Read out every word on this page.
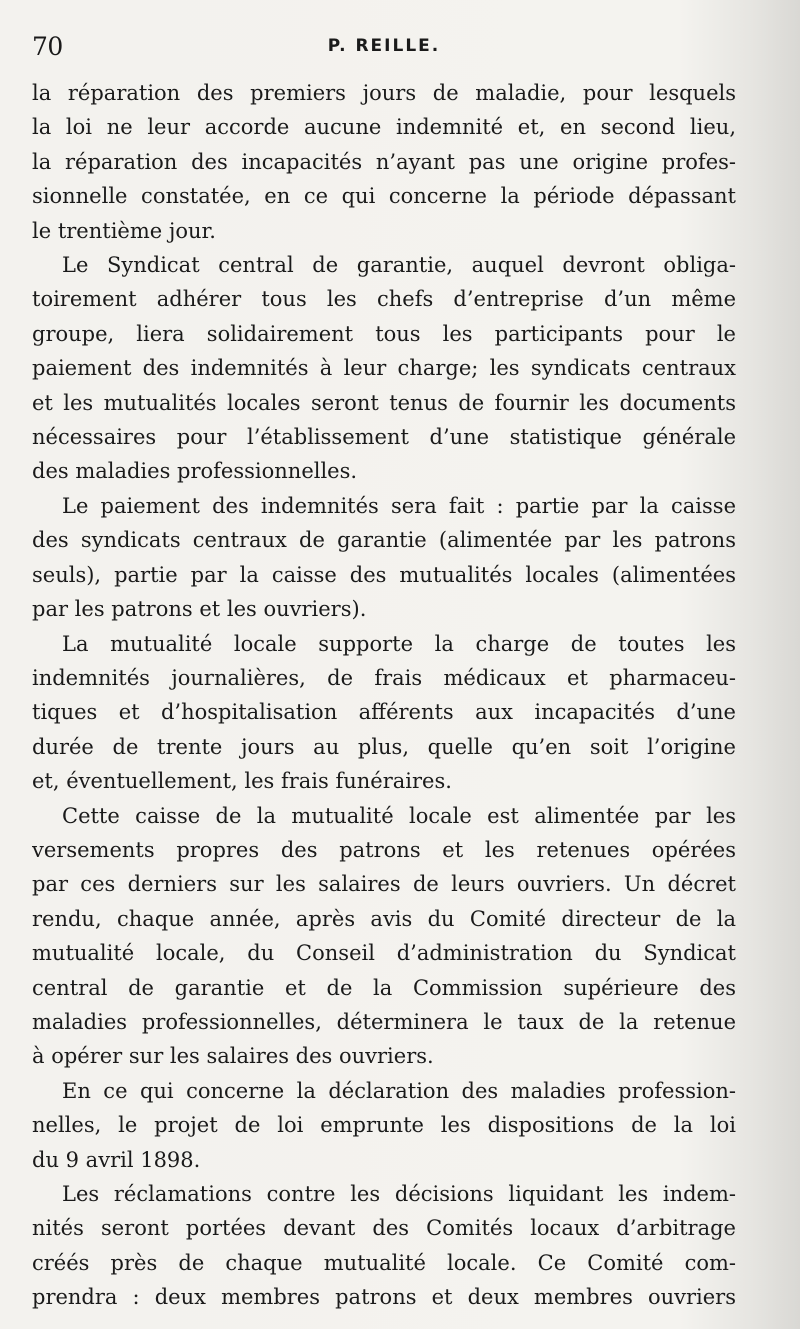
70	P. REILLE.
la réparation des premiers jours de maladie, pour lesquels
la loi ne leur accorde aucune indemnité et, en second lieu,
la réparation des incapacités n’ayant pas une origine profes-
sionnelle constatée, en ce qui concerne la période dépassant
le trentième jour.
Le Syndicat central de garantie, auquel devront obliga-
toirement adhérer tous les chefs d’entreprise d’un même
groupe, liera solidairement tous les participants pour le
paiement des indemnités à leur charge; les syndicats centraux
et les mutualités locales seront tenus de fournir les documents
nécessaires pour l’établissement d’une statistique générale
des maladies professionnelles.
Le paiement des indemnités sera fait : partie par la caisse
des syndicats centraux de garantie (alimentée par les patrons
seuls), partie par la caisse des mutualités locales (alimentées
par les patrons et les ouvriers).
La mutualité locale supporte la charge de toutes les
indemnités journalières, de frais médicaux et pharmaceu-
tiques et d’hospitalisation afférents aux incapacités d’une
durée de trente jours au plus, quelle qu’en soit l’origine
et, éventuellement, les frais funéraires.
Cette caisse de la mutualité locale est alimentée par les
versements propres des patrons et les retenues opérées
par ces derniers sur les salaires de leurs ouvriers. Un décret
rendu, chaque année, après avis du Comité directeur de la
mutualité locale, du Conseil d’administration du Syndicat
central de garantie et de la Commission supérieure des
maladies professionnelles, déterminera le taux de la retenue
à opérer sur les salaires des ouvriers.
En ce qui concerne la déclaration des maladies profession-
nelles, le projet de loi emprunte les dispositions de la loi
du 9 avril 1898.
Les réclamations contre les décisions liquidant les indem-
nités seront portées devant des Comités locaux d’arbitrage
créés près de chaque mutualité locale. Ce Comité com-
prendra : deux membres patrons et deux membres ouvriers
